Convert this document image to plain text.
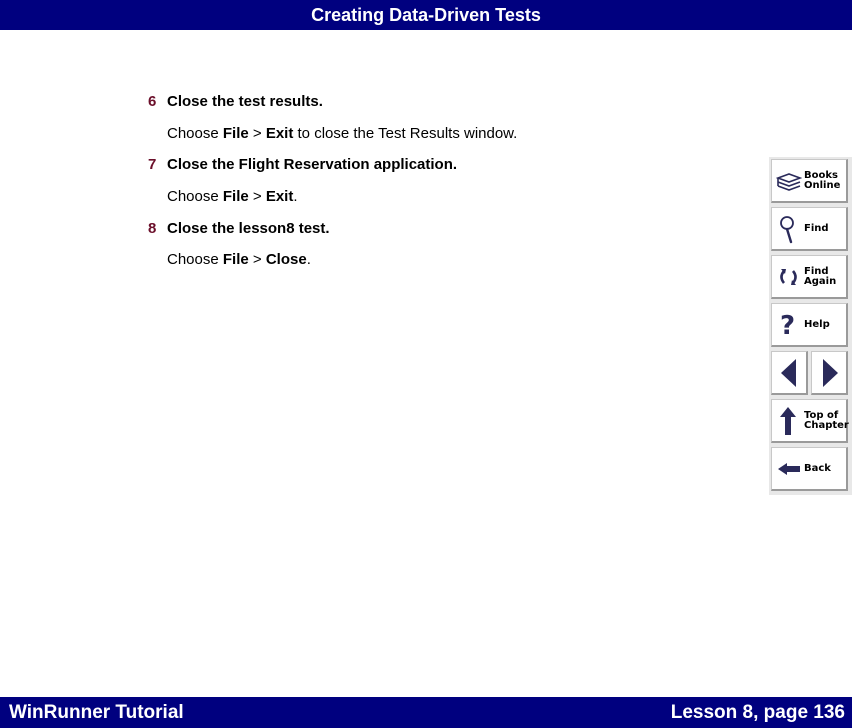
Creating Data-Driven Tests
6 Close the test results.
Choose File > Exit to close the Test Results window.
7 Close the Flight Reservation application.
Choose File > Exit.
8 Close the lesson8 test.
Choose File > Close.
Books
Online
Find
Find
Again
? Help
Top of
Chapter
Back
WinRunner Tutorial	Lesson 8, page 136
